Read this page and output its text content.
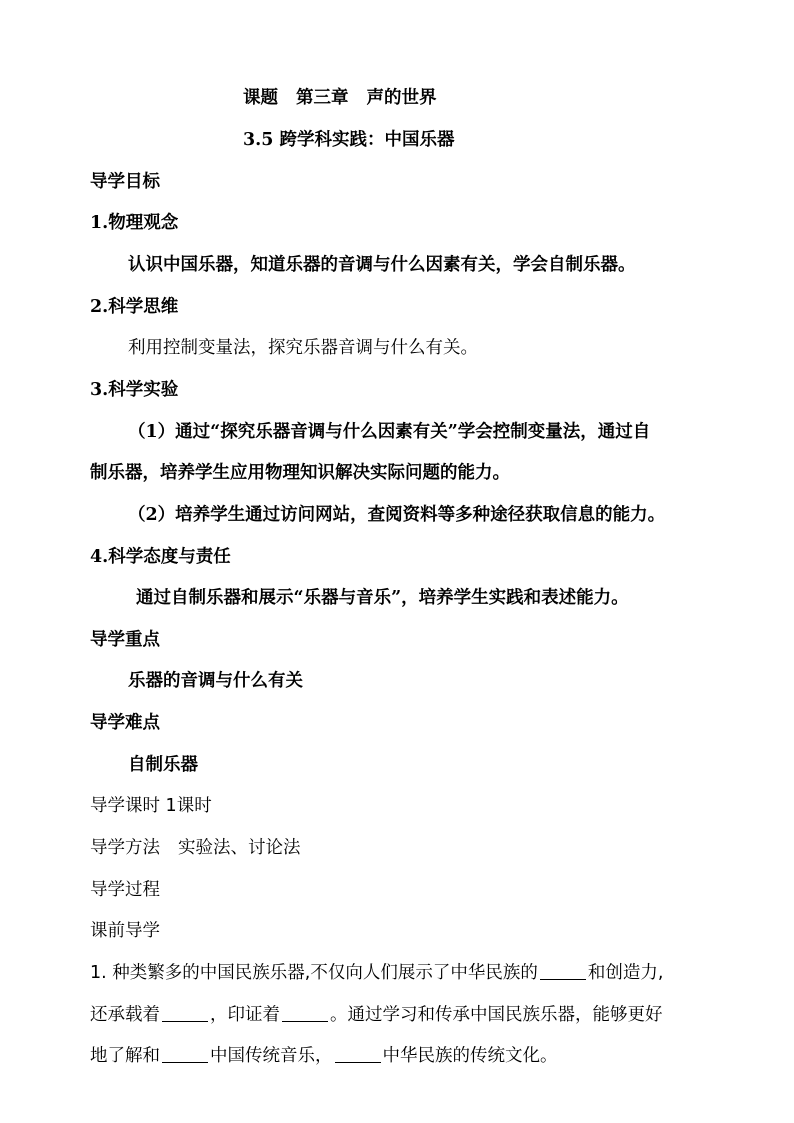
课题 第三章 声的世界
3.5 跨学科实践：中国乐器
导学目标
1.物理观念
认识中国乐器，知道乐器的音调与什么因素有关，学会自制乐器。
2.科学思维
利用控制变量法，探究乐器音调与什么有关。
3.科学实验
（1）通过“探究乐器音调与什么因素有关”学会控制变量法，通过自
制乐器，培养学生应用物理知识解决实际问题的能力。
（2）培养学生通过访问网站，查阅资料等多种途径获取信息的能力。
4.科学态度与责任
通过自制乐器和展示“乐器与音乐”，培养学生实践和表述能力。
导学重点
乐器的音调与什么有关
导学难点
自制乐器
导学课时 1课时
导学方法 实验法、讨论法
导学过程
课前导学
1. 种类繁多的中国民族乐器,不仅向人们展示了中华民族的	和创造力,
还承载着	，印证着	。通过学习和传承中国民族乐器，能够更好
地了解和	中国传统音乐，	中华民族的传统文化。
